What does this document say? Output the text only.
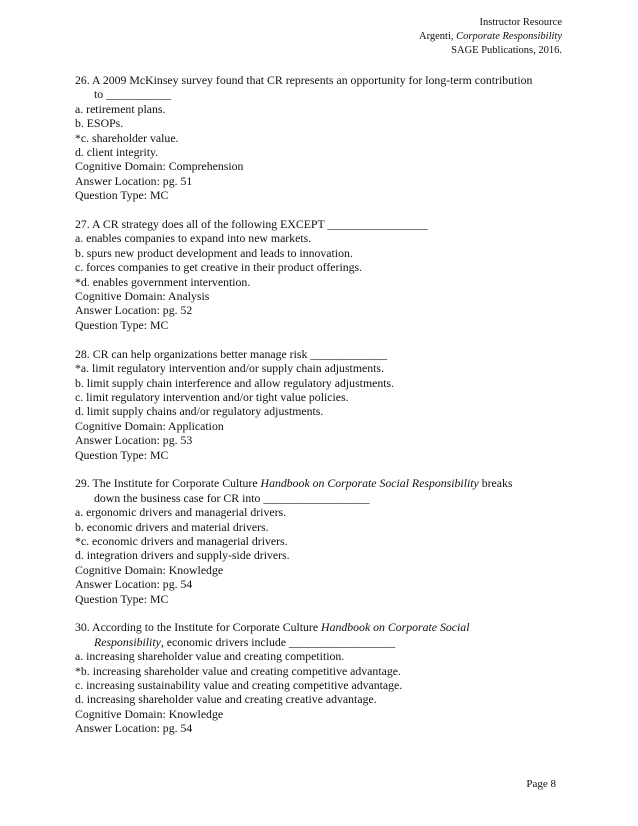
Instructor Resource
Argenti, Corporate Responsibility
SAGE Publications, 2016.
26. A 2009 McKinsey survey found that CR represents an opportunity for long-term contribution
to ___________
a. retirement plans.
b. ESOPs.
*c. shareholder value.
d. client integrity.
Cognitive Domain: Comprehension
Answer Location: pg. 51
Question Type: MC
27. A CR strategy does all of the following EXCEPT _________________
a. enables companies to expand into new markets.
b. spurs new product development and leads to innovation.
c. forces companies to get creative in their product offerings.
*d. enables government intervention.
Cognitive Domain: Analysis
Answer Location: pg. 52
Question Type: MC
28. CR can help organizations better manage risk _____________
*a. limit regulatory intervention and/or supply chain adjustments.
b. limit supply chain interference and allow regulatory adjustments.
c. limit regulatory intervention and/or tight value policies.
d. limit supply chains and/or regulatory adjustments.
Cognitive Domain: Application
Answer Location: pg. 53
Question Type: MC
29. The Institute for Corporate Culture Handbook on Corporate Social Responsibility breaks
down the business case for CR into __________________
a. ergonomic drivers and managerial drivers.
b. economic drivers and material drivers.
*c. economic drivers and managerial drivers.
d. integration drivers and supply-side drivers.
Cognitive Domain: Knowledge
Answer Location: pg. 54
Question Type: MC
30. According to the Institute for Corporate Culture Handbook on Corporate Social
Responsibility, economic drivers include __________________
a. increasing shareholder value and creating competition.
*b. increasing shareholder value and creating competitive advantage.
c. increasing sustainability value and creating competitive advantage.
d. increasing shareholder value and creating creative advantage.
Cognitive Domain: Knowledge
Answer Location: pg. 54
Page 8
